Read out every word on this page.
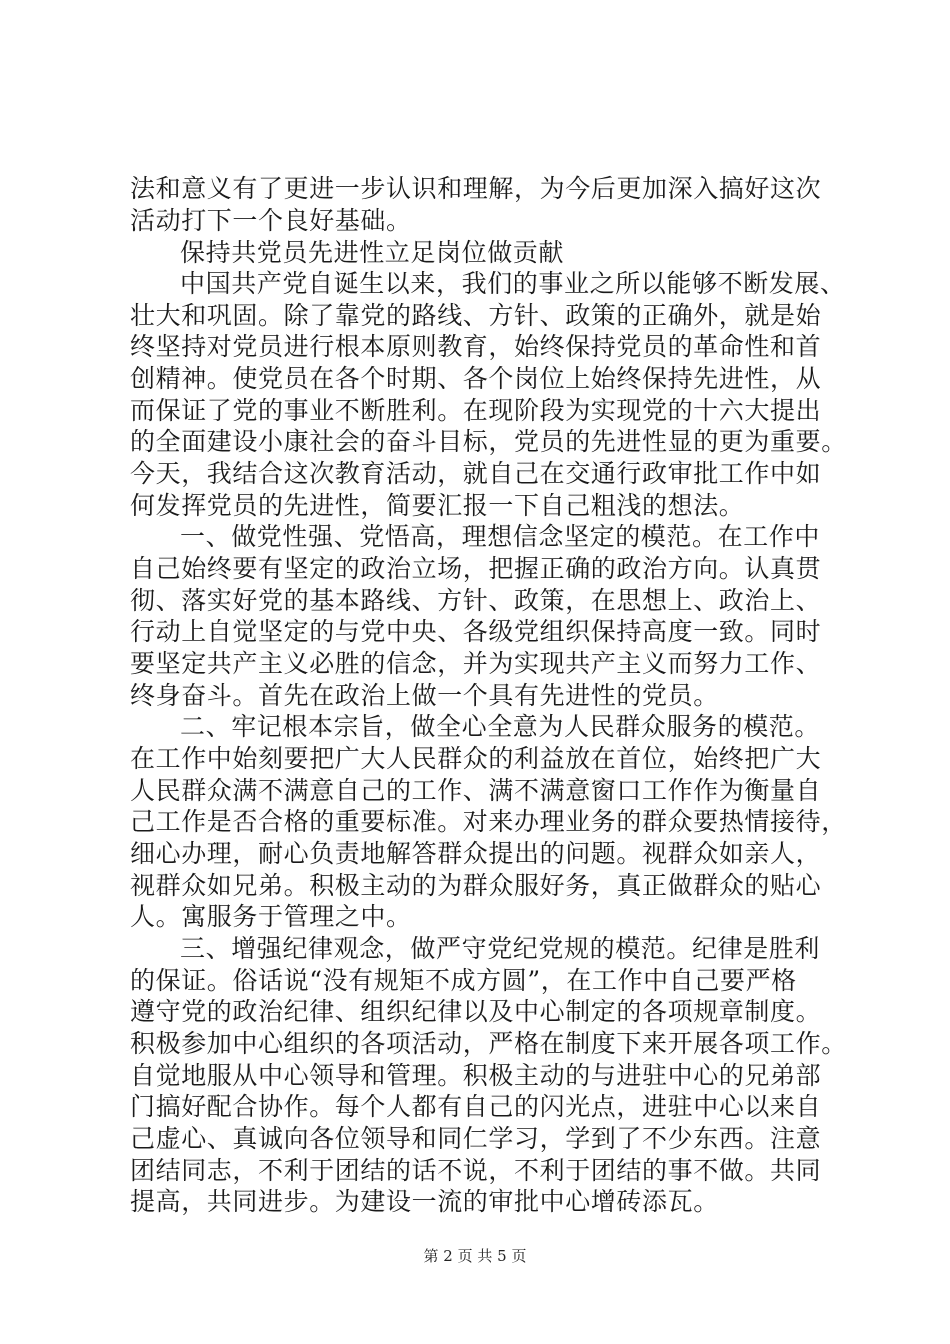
法和意义有了更进一步认识和理解，为今后更加深入搞好这次
活动打下一个良好基础。
保持共党员先进性立足岗位做贡献
中国共产党自诞生以来，我们的事业之所以能够不断发展、
壮大和巩固。除了靠党的路线、方针、政策的正确外，就是始
终坚持对党员进行根本原则教育，始终保持党员的革命性和首
创精神。使党员在各个时期、各个岗位上始终保持先进性，从
而保证了党的事业不断胜利。在现阶段为实现党的十六大提出
的全面建设小康社会的奋斗目标，党员的先进性显的更为重要。
今天，我结合这次教育活动，就自己在交通行政审批工作中如
何发挥党员的先进性，简要汇报一下自己粗浅的想法。
一、做党性强、党悟高，理想信念坚定的模范。在工作中
自己始终要有坚定的政治立场，把握正确的政治方向。认真贯
彻、落实好党的基本路线、方针、政策，在思想上、政治上、
行动上自觉坚定的与党中央、各级党组织保持高度一致。同时
要坚定共产主义必胜的信念，并为实现共产主义而努力工作、
终身奋斗。首先在政治上做一个具有先进性的党员。
二、牢记根本宗旨，做全心全意为人民群众服务的模范。
在工作中始刻要把广大人民群众的利益放在首位，始终把广大
人民群众满不满意自己的工作、满不满意窗口工作作为衡量自
己工作是否合格的重要标准。对来办理业务的群众要热情接待，
细心办理，耐心负责地解答群众提出的问题。视群众如亲人，
视群众如兄弟。积极主动的为群众服好务，真正做群众的贴心
人。寓服务于管理之中。
三、增强纪律观念，做严守党纪党规的模范。纪律是胜利
的保证。俗话说“没有规矩不成方圆”，在工作中自己要严格
遵守党的政治纪律、组织纪律以及中心制定的各项规章制度。
积极参加中心组织的各项活动，严格在制度下来开展各项工作。
自觉地服从中心领导和管理。积极主动的与进驻中心的兄弟部
门搞好配合协作。每个人都有自己的闪光点，进驻中心以来自
己虚心、真诚向各位领导和同仁学习，学到了不少东西。注意
团结同志，不利于团结的话不说，不利于团结的事不做。共同
提高，共同进步。为建设一流的审批中心增砖添瓦。
第 2 页 共 5 页
